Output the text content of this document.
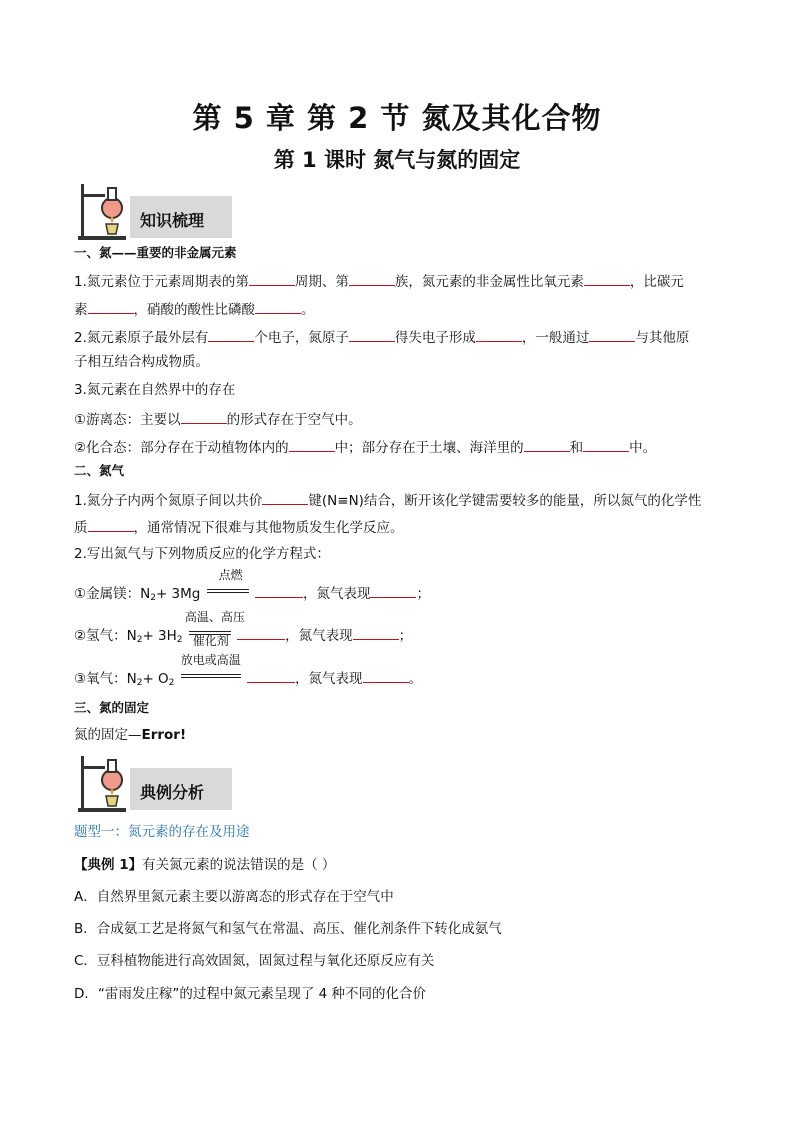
第 5 章 第 2 节 氮及其化合物
第 1 课时 氮气与氮的固定
知识梳理
一、氮——重要的非金属元素
1.氮元素位于元素周期表的第	周期、第	族，氮元素的非金属性比氧元素	，比碳元
素	，硝酸的酸性比磷酸	。
2.氮元素原子最外层有	个电子，氮原子	得失电子形成	，一般通过	与其他原
子相互结合构成物质。
3.氮元素在自然界中的存在
①游离态：主要以	的形式存在于空气中。
②化合态：部分存在于动植物体内的	中；部分存在于土壤、海洋里的	和	中。
二、氮气
1.氮分子内两个氮原子间以共价	键(N≡N)结合，断开该化学键需要较多的能量，所以氮气的化学性
质	，通常情况下很难与其他物质发生化学反应。
2.写出氮气与下列物质反应的化学方程式：
①金属镁：$N_2+ 3Mg$
点燃
，氮气表现	；
②氢气：$N_2+ 3H_2$
高温、高压
催化剂	，氮气表现	；
③氧气：$N_2+ O_2$
放电或高温
，氮气表现	。
三、氮的固定
氮的固定—Error!
典例分析
题型一：氮元素的存在及用途
【典例 1】有关氮元素的说法错误的是（ ）
A．自然界里氮元素主要以游离态的形式存在于空气中
B．合成氨工艺是将氮气和氢气在常温、高压、催化剂条件下转化成氨气
C．豆科植物能进行高效固氮，固氮过程与氧化还原反应有关
D．“雷雨发庄稼”的过程中氮元素呈现了 4 种不同的化合价
